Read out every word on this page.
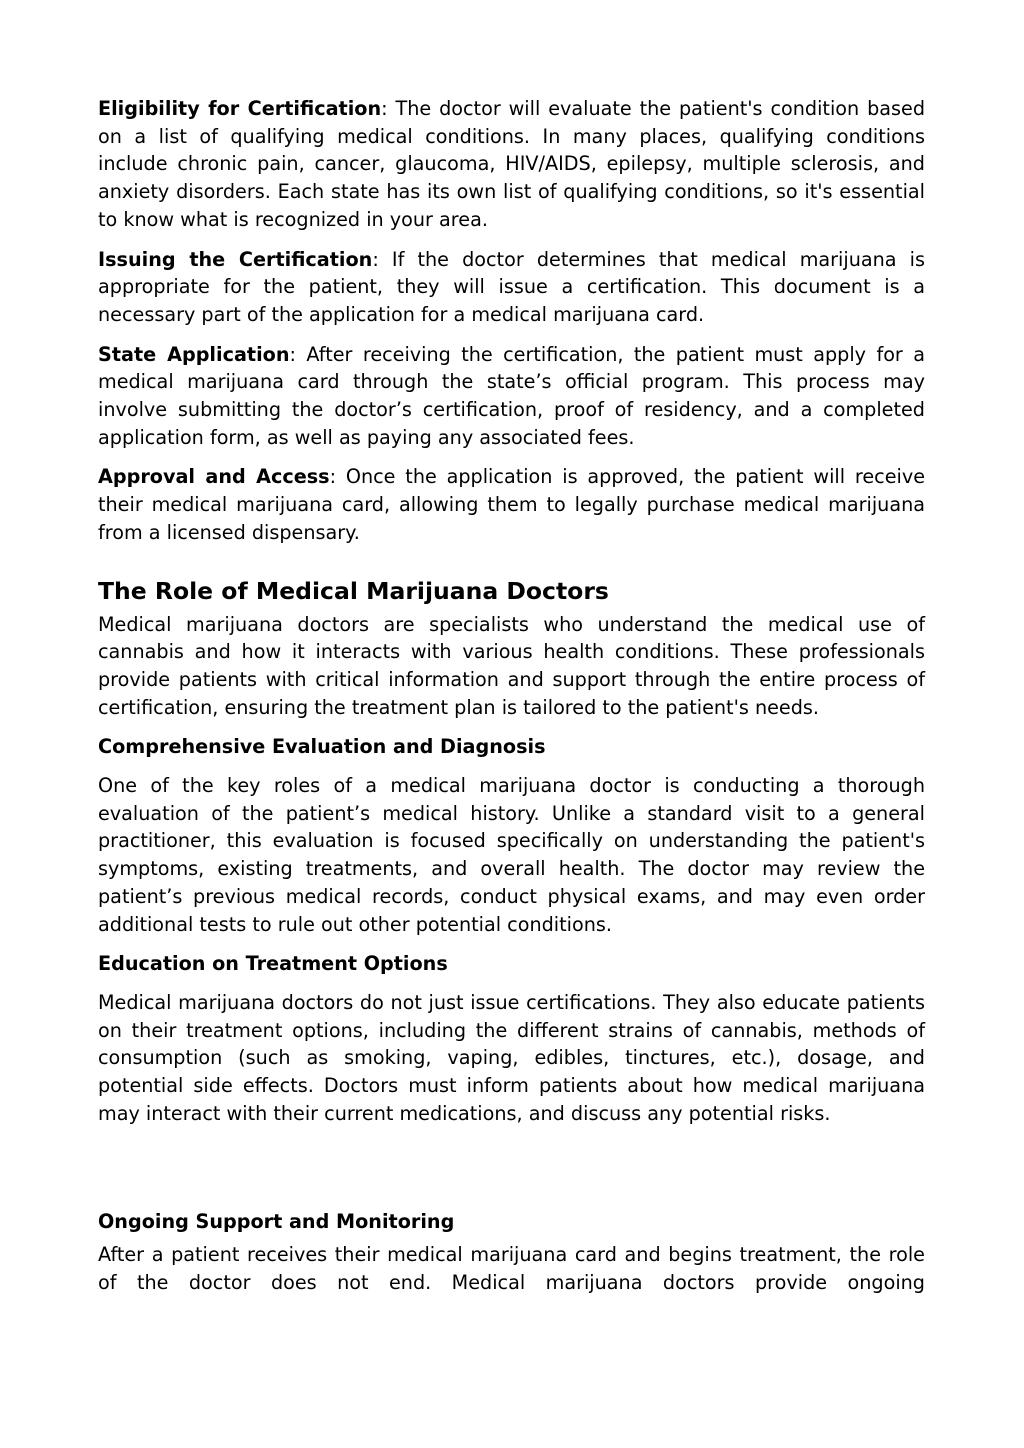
Eligibility for Certification: The doctor will evaluate the patient's condition based on a list of qualifying medical conditions. In many places, qualifying conditions include chronic pain, cancer, glaucoma, HIV/AIDS, epilepsy, multiple sclerosis, and anxiety disorders. Each state has its own list of qualifying conditions, so it's essential to know what is recognized in your area.

Issuing the Certification: If the doctor determines that medical marijuana is appropriate for the patient, they will issue a certification. This document is a necessary part of the application for a medical marijuana card.

State Application: After receiving the certification, the patient must apply for a medical marijuana card through the state’s official program. This process may involve submitting the doctor’s certification, proof of residency, and a completed application form, as well as paying any associated fees.

Approval and Access: Once the application is approved, the patient will receive their medical marijuana card, allowing them to legally purchase medical marijuana from a licensed dispensary.

The Role of Medical Marijuana Doctors

Medical marijuana doctors are specialists who understand the medical use of cannabis and how it interacts with various health conditions. These professionals provide patients with critical information and support through the entire process of certification, ensuring the treatment plan is tailored to the patient's needs.

Comprehensive Evaluation and Diagnosis

One of the key roles of a medical marijuana doctor is conducting a thorough evaluation of the patient’s medical history. Unlike a standard visit to a general practitioner, this evaluation is focused specifically on understanding the patient's symptoms, existing treatments, and overall health. The doctor may review the patient’s previous medical records, conduct physical exams, and may even order additional tests to rule out other potential conditions.

Education on Treatment Options

Medical marijuana doctors do not just issue certifications. They also educate patients on their treatment options, including the different strains of cannabis, methods of consumption (such as smoking, vaping, edibles, tinctures, etc.), dosage, and potential side effects. Doctors must inform patients about how medical marijuana may interact with their current medications, and discuss any potential risks.

Ongoing Support and Monitoring

After a patient receives their medical marijuana card and begins treatment, the role of the doctor does not end. Medical marijuana doctors provide ongoing
